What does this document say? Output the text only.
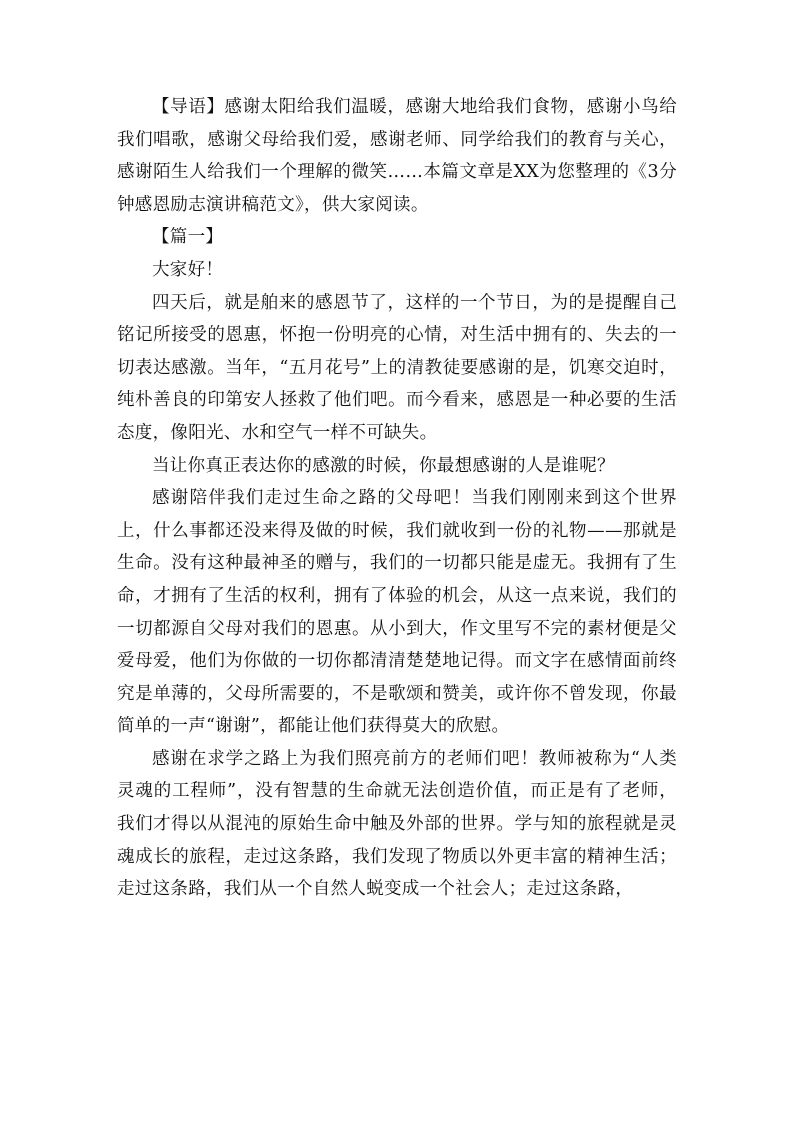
【导语】感谢太阳给我们温暖，感谢大地给我们食物，感谢小鸟给我们唱歌，感谢父母给我们爱，感谢老师、同学给我们的教育与关心，感谢陌生人给我们一个理解的微笑……本篇文章是XX为您整理的《3分钟感恩励志演讲稿范文》，供大家阅读。

【篇一】

大家好！

四天后，就是舶来的感恩节了，这样的一个节日，为的是提醒自己铭记所接受的恩惠，怀抱一份明亮的心情，对生活中拥有的、失去的一切表达感激。当年，“五月花号”上的清教徒要感谢的是，饥寒交迫时，纯朴善良的印第安人拯救了他们吧。而今看来，感恩是一种必要的生活态度，像阳光、水和空气一样不可缺失。

当让你真正表达你的感激的时候，你最想感谢的人是谁呢？

感谢陪伴我们走过生命之路的父母吧！当我们刚刚来到这个世界上，什么事都还没来得及做的时候，我们就收到一份的礼物——那就是生命。没有这种最神圣的赠与，我们的一切都只能是虚无。我拥有了生命，才拥有了生活的权利，拥有了体验的机会，从这一点来说，我们的一切都源自父母对我们的恩惠。从小到大，作文里写不完的素材便是父爱母爱，他们为你做的一切你都清清楚楚地记得。而文字在感情面前终究是单薄的，父母所需要的，不是歌颂和赞美，或许你不曾发现，你最简单的一声“谢谢”，都能让他们获得莫大的欣慰。

感谢在求学之路上为我们照亮前方的老师们吧！教师被称为“人类灵魂的工程师”，没有智慧的生命就无法创造价值，而正是有了老师，我们才得以从混沌的原始生命中触及外部的世界。学与知的旅程就是灵魂成长的旅程，走过这条路，我们发现了物质以外更丰富的精神生活；走过这条路，我们从一个自然人蜕变成一个社会人；走过这条路，
